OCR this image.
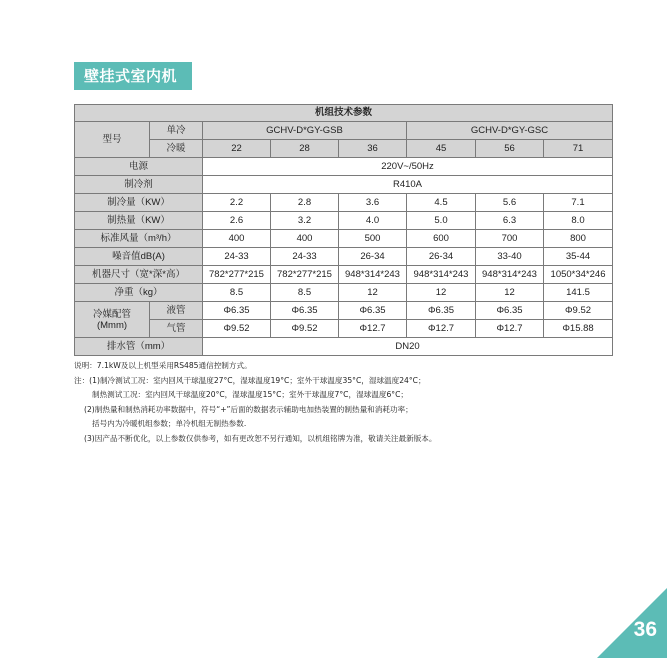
壁挂式室内机
机组技术参数							
型号	单冷	GCHV-D*GY-GSB			GCHV-D*GY-GSC		
	冷暖	22	28	36	45	56	71
电源		220V~/50Hz					
制冷剂		R410A					
制冷量（KW）		2.2	2.8	3.6	4.5	5.6	7.1
制热量（KW）		2.6	3.2	4.0	5.0	6.3	8.0
标准风量（m³/h）		400	400	500	600	700	800
噪音值dB(A)		24-33	24-33	26-34	26-34	33-40	35-44
机器尺寸（宽*深*高）		782*277*215	782*277*215	948*314*243	948*314*243	948*314*243	1050*34*246
净重（kg）		8.5	8.5	12	12	12	141.5

冷媒配管
(Mmm)	液管	Φ6.35	Φ6.35	Φ6.35	Φ6.35	Φ6.35	Φ9.52
	气管	Φ9.52	Φ9.52	Φ12.7	Φ12.7	Φ12.7	Φ15.88
排水管（mm）		DN20					
说明：7.1kW及以上机型采用RS485通信控制方式。
注：(1)制冷测试工况：室内回风干球温度27°C，湿球温度19°C；室外干球温度35°C，湿球温度24°C；
制热测试工况：室内回风干球温度20°C，湿球温度15°C；室外干球温度7°C，湿球温度6°C；
(2)制热量和制热消耗功率数据中，符号“+”后面的数据表示辅助电加热装置的制热量和消耗功率；
括号内为冷暖机组参数；单冷机组无制热参数.
(3)因产品不断优化，以上参数仅供参考，如有更改恕不另行通知，以机组铭牌为准，敬请关注最新版本。
36
